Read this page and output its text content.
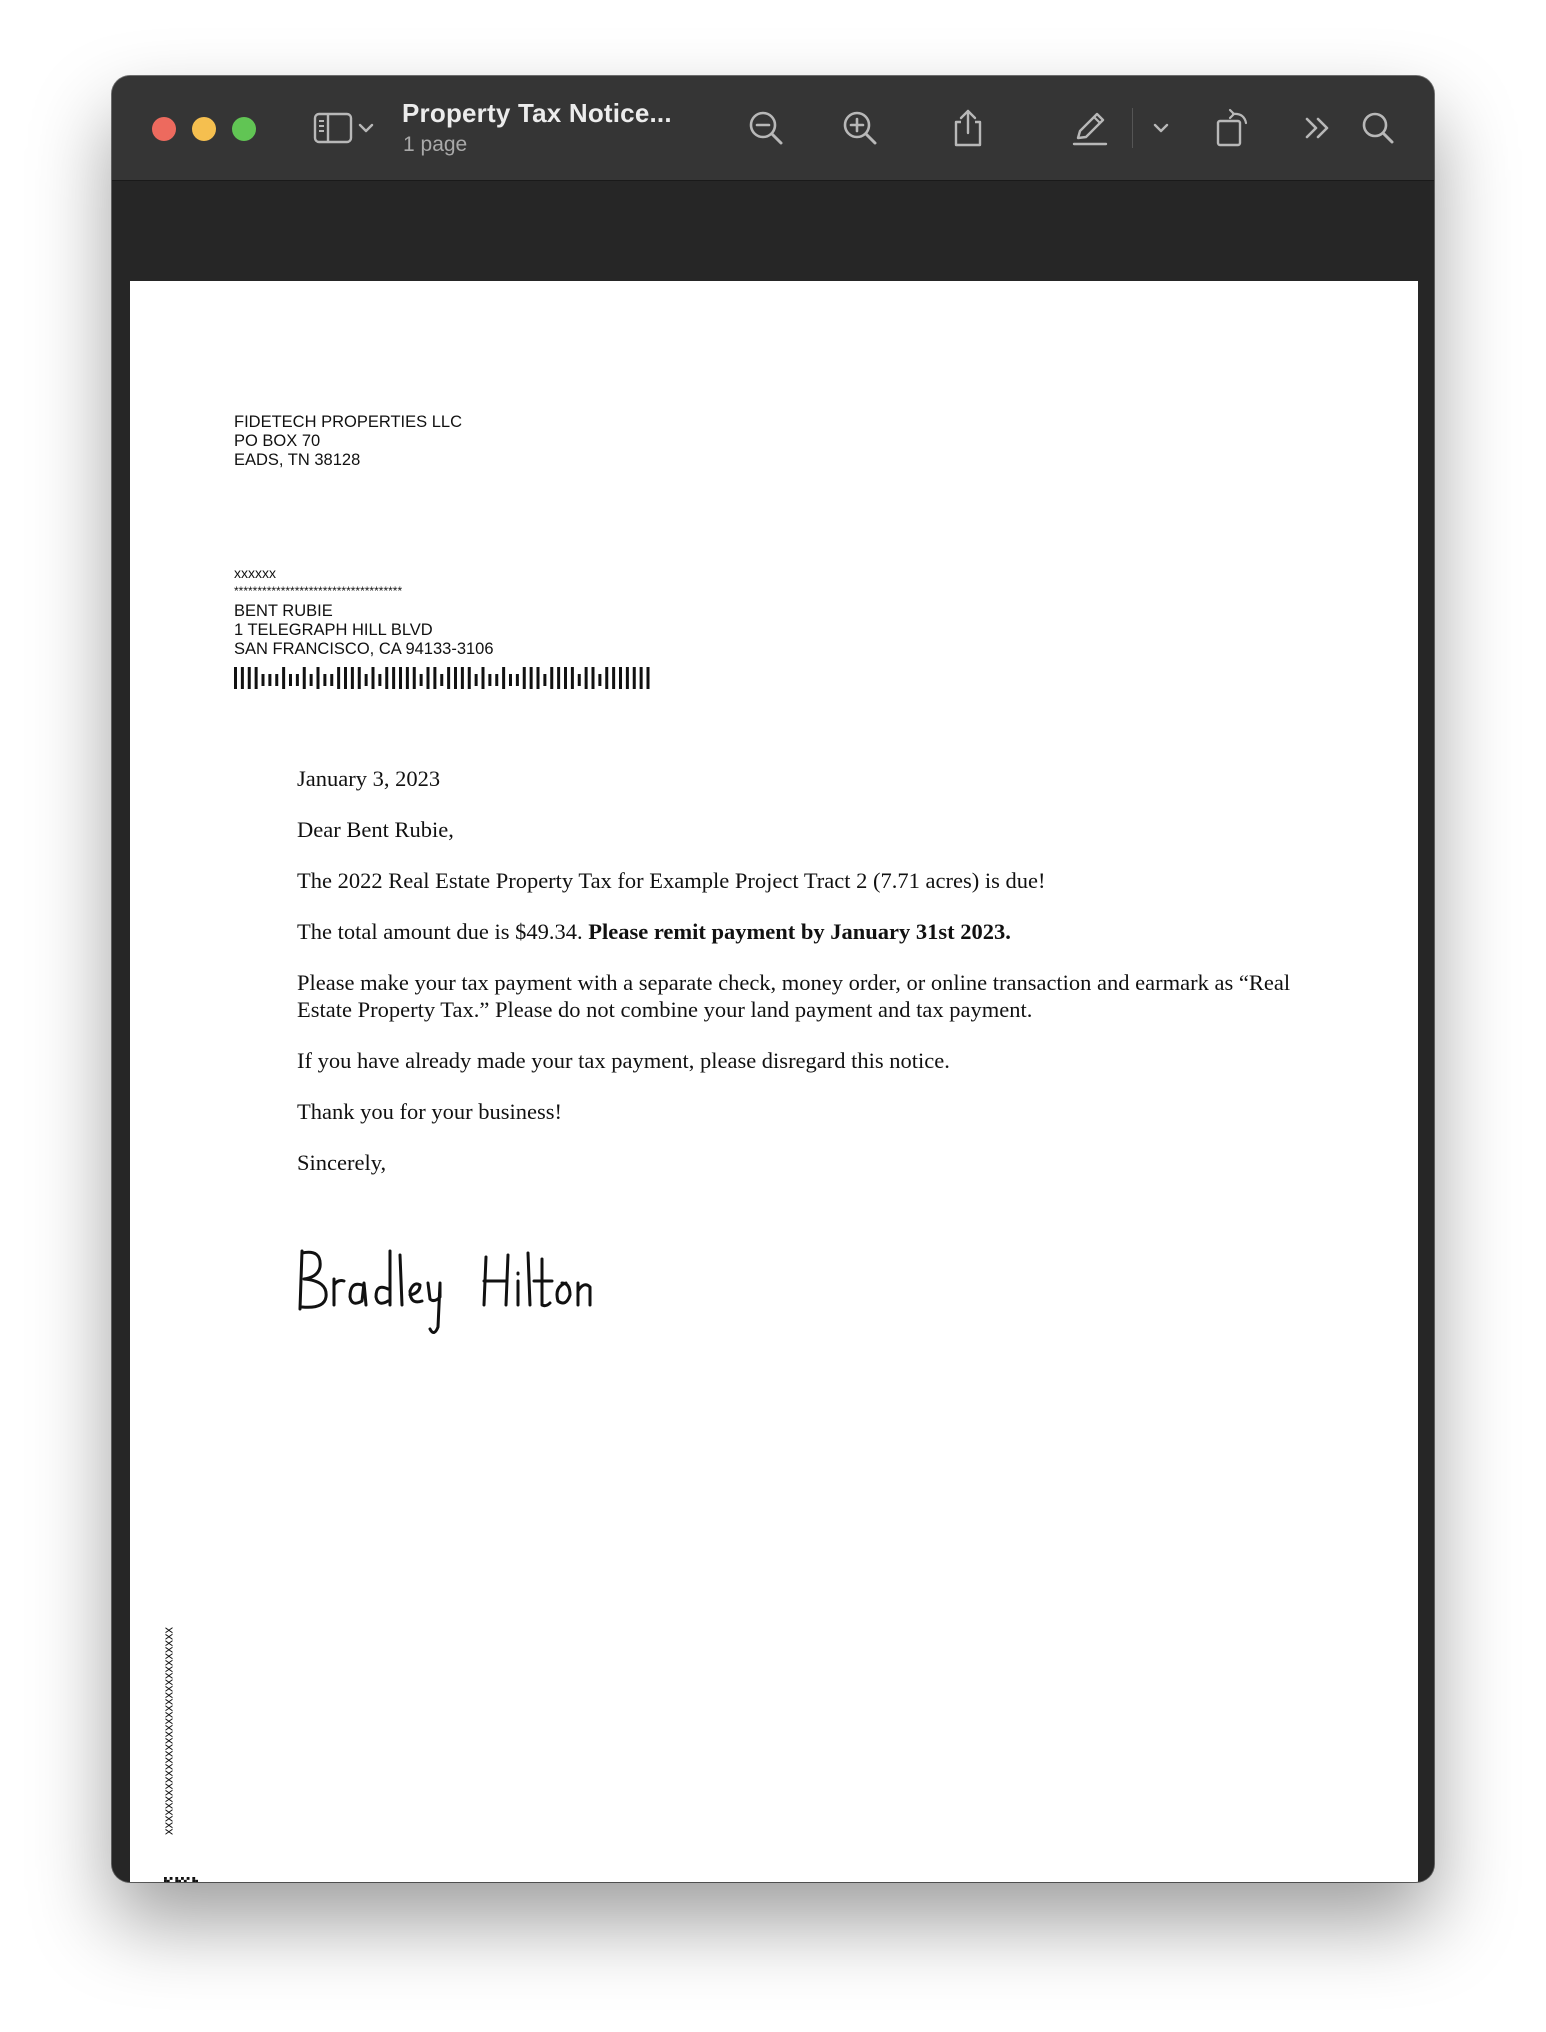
Property Tax Notice...
1 page
FIDETECH PROPERTIES LLC
PO BOX 70
EADS, TN 38128
xxxxxx
************************************
BENT RUBIE
1 TELEGRAPH HILL BLVD
SAN FRANCISCO, CA 94133-3106

January 3, 2023

Dear Bent Rubie,

The 2022 Real Estate Property Tax for Example Project Tract 2 (7.71 acres) is due!

The total amount due is $49.34. Please remit payment by January 31st 2023.

Please make your tax payment with a separate check, money order, or online transaction and earmark as “Real Estate Property Tax.” Please do not combine your land payment and tax payment.

If you have already made your tax payment, please disregard this notice.

Thank you for your business!

Sincerely,

xxxxxxxxxxxxxxxxxxxxxxxxxxxxxxxx
